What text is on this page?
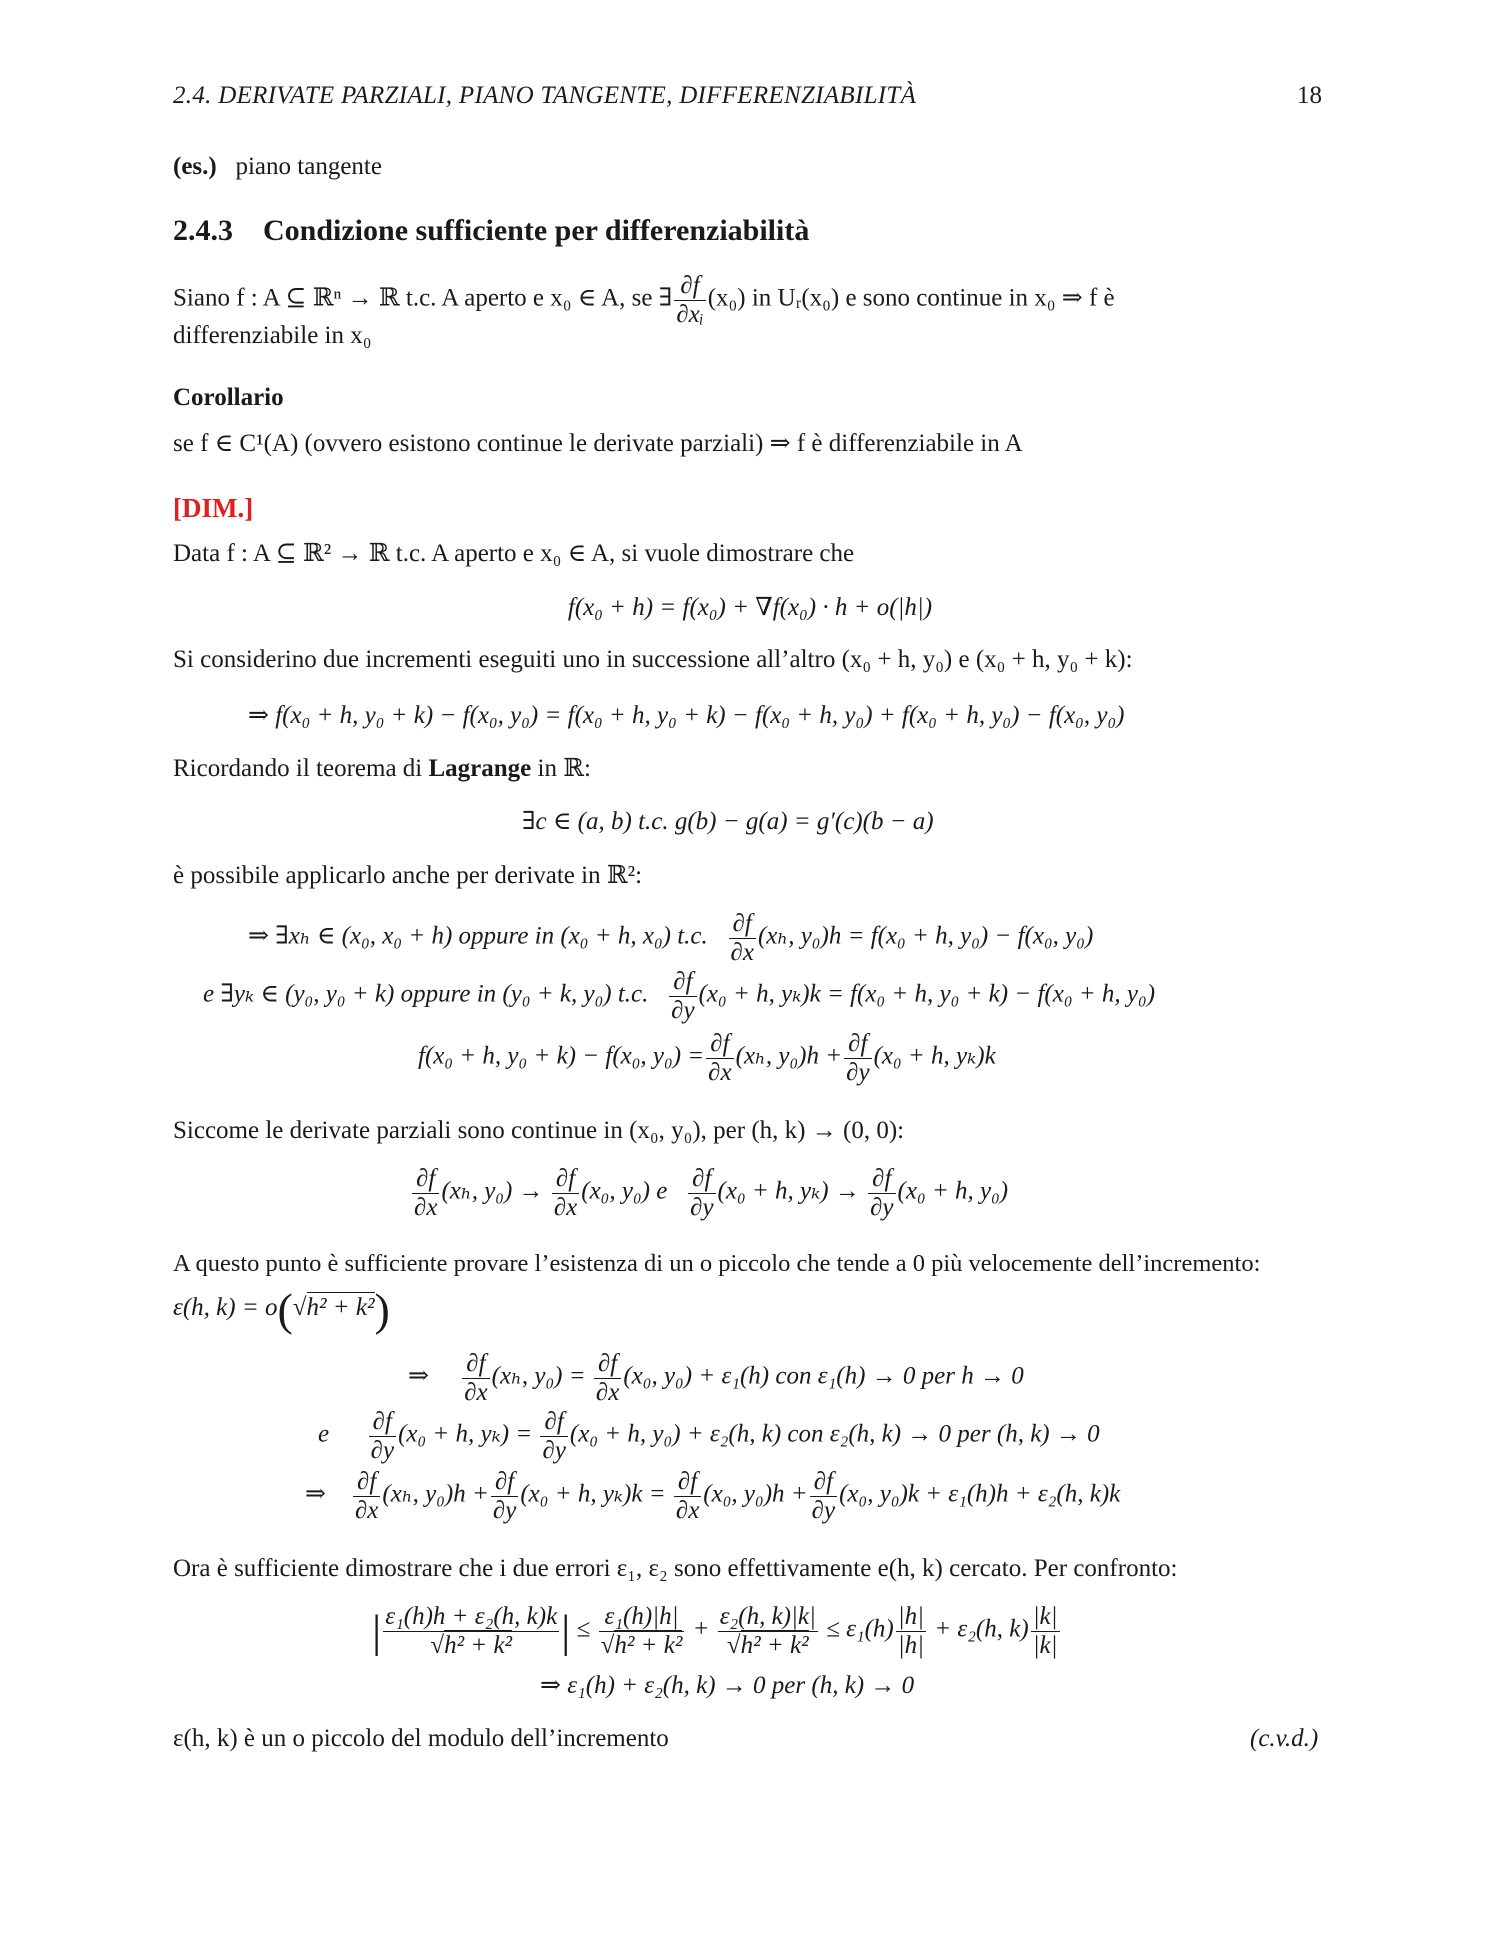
2.4. DERIVATE PARZIALI, PIANO TANGENTE, DIFFERENZIABILITÀ	18
(es.) piano tangente
2.4.3 Condizione sufficiente per differenziabilità
Siano f : A ⊆ ℝⁿ → ℝ t.c. A aperto e x₀ ∈ A, se ∃ $\frac{\partial f}{\text{∂xᵢ}} (x_0)$ in Uᵣ(x₀) e sono continue in x₀ ⇒ f è
differenziabile in x₀
Corollario
se f ∈ C¹(A) (ovvero esistono continue le derivate parziali) ⇒ f è differenziabile in A
[DIM.]
Data f : A ⊆ ℝ² → ℝ t.c. A aperto e x₀ ∈ A, si vuole dimostrare che
f(x₀ + h) = f(x₀) + ∇f(x₀) · h + o(|h|)
Si considerino due incrementi eseguiti uno in successione all’altro (x₀ + h, y₀) e (x₀ + h, y₀ + k):
⇒ f(x₀ + h, y₀ + k) − f(x₀, y₀) = f(x₀ + h, y₀ + k) − f(x₀ + h, y₀) + f(x₀ + h, y₀) − f(x₀, y₀)
Ricordando il teorema di Lagrange in ℝ:
∃c ∈ (a, b) t.c. g(b) − g(a) = g′(c)(b − a)
è possibile applicarlo anche per derivate in ℝ²:
⇒ ∃xₕ ∈ (x₀, x₀ + h) oppure in (x₀ + h, x₀) t.c. $\frac{\partial f}{\partial x} (x_h$, y₀)h = f(x₀ + h, y₀) − f(x₀, y₀)
e ∃yₖ ∈ (y₀, y₀ + k) oppure in (y₀ + k, y₀) t.c. $\frac{\partial f}{\partial y} (x_0 + h$, yₖ)k = f(x₀ + h, y₀ + k) − f(x₀ + h, y₀)
f(x₀ + h, y₀ + k) − f(x₀, $y_0) = \frac{\partial f}{\partial x} (x_h$, $y_0)h + \frac{\partial f}{\partial y} (x_0 + h$, yₖ)k
Siccome le derivate parziali sono continue in (x₀, y₀), per (h, k) → (0, 0):
$\frac{\partial f}{\partial x} (x_h$, $y_0) \to \frac{\partial f}{\partial x} (x_0$, y₀) e $\frac{\partial f}{\partial y} (x_0 + h$, $y_k) \to \frac{\partial f}{\partial y} (x_0 + h$, y₀)
A questo punto è sufficiente provare l’esistenza di un o piccolo che tende a 0 più velocemente dell’incremento:
ε(h, k) = o(√h² + k²)
⇒ $\frac{\partial f}{\partial x} (x_h$, $y_0) = \frac{\partial f}{\partial x} (x_0$, y₀) + ε₁(h) con ε₁(h) → 0 per h → 0
e $\frac{\partial f}{\partial y} (x_0 + h$, $y_k) = \frac{\partial f}{\partial y} (x_0 + h$, y₀) + ε₂(h, k) con ε₂(h, k) → 0 per (h, k) → 0
⇒ $\frac{\partial f}{\partial x} (x_h$, $y_0)h + \frac{\partial f}{\partial y} (x_0 + h$, $y_k)k = \frac{\partial f}{\partial x} (x_0$, $y_0)h + \frac{\partial f}{\partial y} (x_0$, y₀)k + ε₁(h)h + ε₂(h, k)k
Ora è sufficiente dimostrare che i due errori ε₁, ε₂ sono effettivamente e(h, k) cercato. Per confronto:
| $\frac{\text{ε₁(h)h + ε₂(h, k)k}}{\text{√h² + k²}}$ | ≤ $\frac{\text{ε₁(h)|h|}}{\text{√h² + k²}} + \frac{\text{ε₂(h, k)|k|}}{\text{√h² + k²}} \le \varepsilon_1(h) \frac{|h|}{|h|} + \varepsilon_2(h$, $k) \frac{|k|}{|k|}$
⇒ ε₁(h) + ε₂(h, k) → 0 per (h, k) → 0
ε(h, k) è un o piccolo del modulo dell’incremento	(c.v.d.)
